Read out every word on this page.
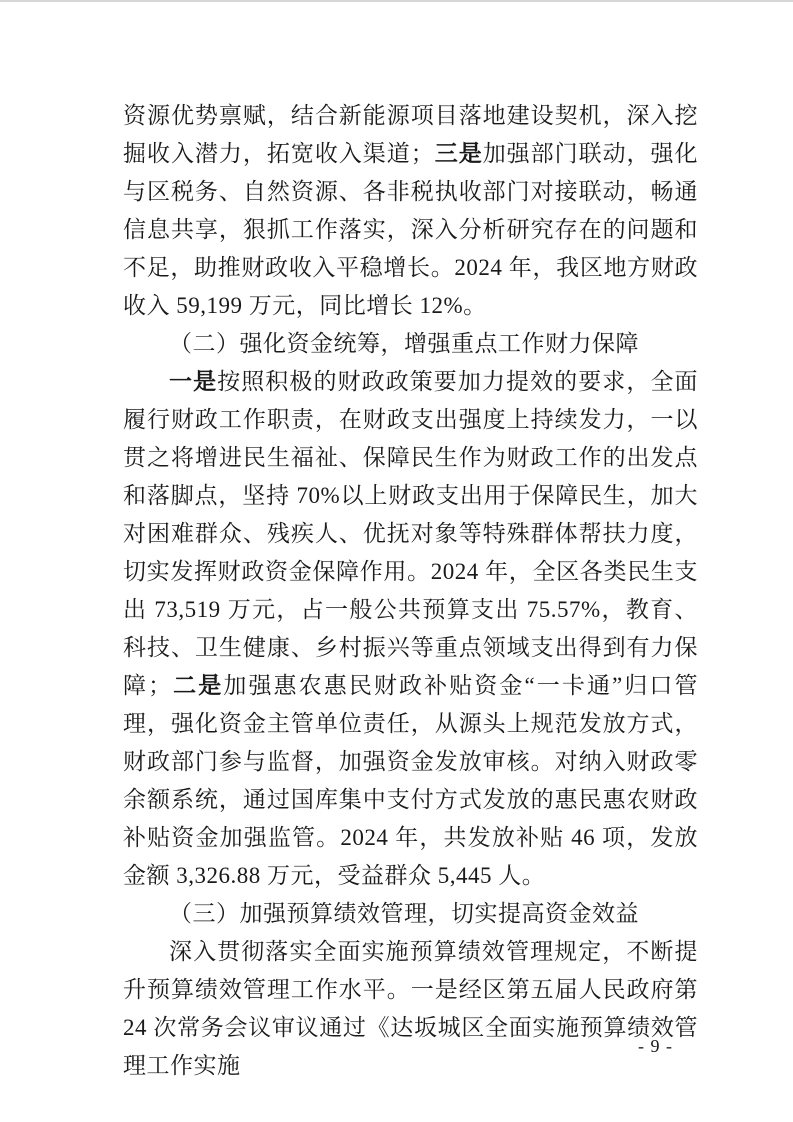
资源优势禀赋，结合新能源项目落地建设契机，深入挖掘收入潜力，拓宽收入渠道；三是加强部门联动，强化与区税务、自然资源、各非税执收部门对接联动，畅通信息共享，狠抓工作落实，深入分析研究存在的问题和不足，助推财政收入平稳增长。2024 年，我区地方财政收入 59,199 万元，同比增长 12%。

（二）强化资金统筹，增强重点工作财力保障

一是按照积极的财政政策要加力提效的要求，全面履行财政工作职责，在财政支出强度上持续发力，一以贯之将增进民生福祉、保障民生作为财政工作的出发点和落脚点，坚持 70%以上财政支出用于保障民生，加大对困难群众、残疾人、优抚对象等特殊群体帮扶力度，切实发挥财政资金保障作用。2024 年，全区各类民生支出 73,519 万元，占一般公共预算支出 75.57%，教育、科技、卫生健康、乡村振兴等重点领域支出得到有力保障；二是加强惠农惠民财政补贴资金“一卡通”归口管理，强化资金主管单位责任，从源头上规范发放方式，财政部门参与监督，加强资金发放审核。对纳入财政零余额系统，通过国库集中支付方式发放的惠民惠农财政补贴资金加强监管。2024 年，共发放补贴 46 项，发放金额 3,326.88 万元，受益群众 5,445 人。

（三）加强预算绩效管理，切实提高资金效益

深入贯彻落实全面实施预算绩效管理规定，不断提升预算绩效管理工作水平。一是经区第五届人民政府第 24 次常务会议审议通过《达坂城区全面实施预算绩效管理工作实施

- 9 -
